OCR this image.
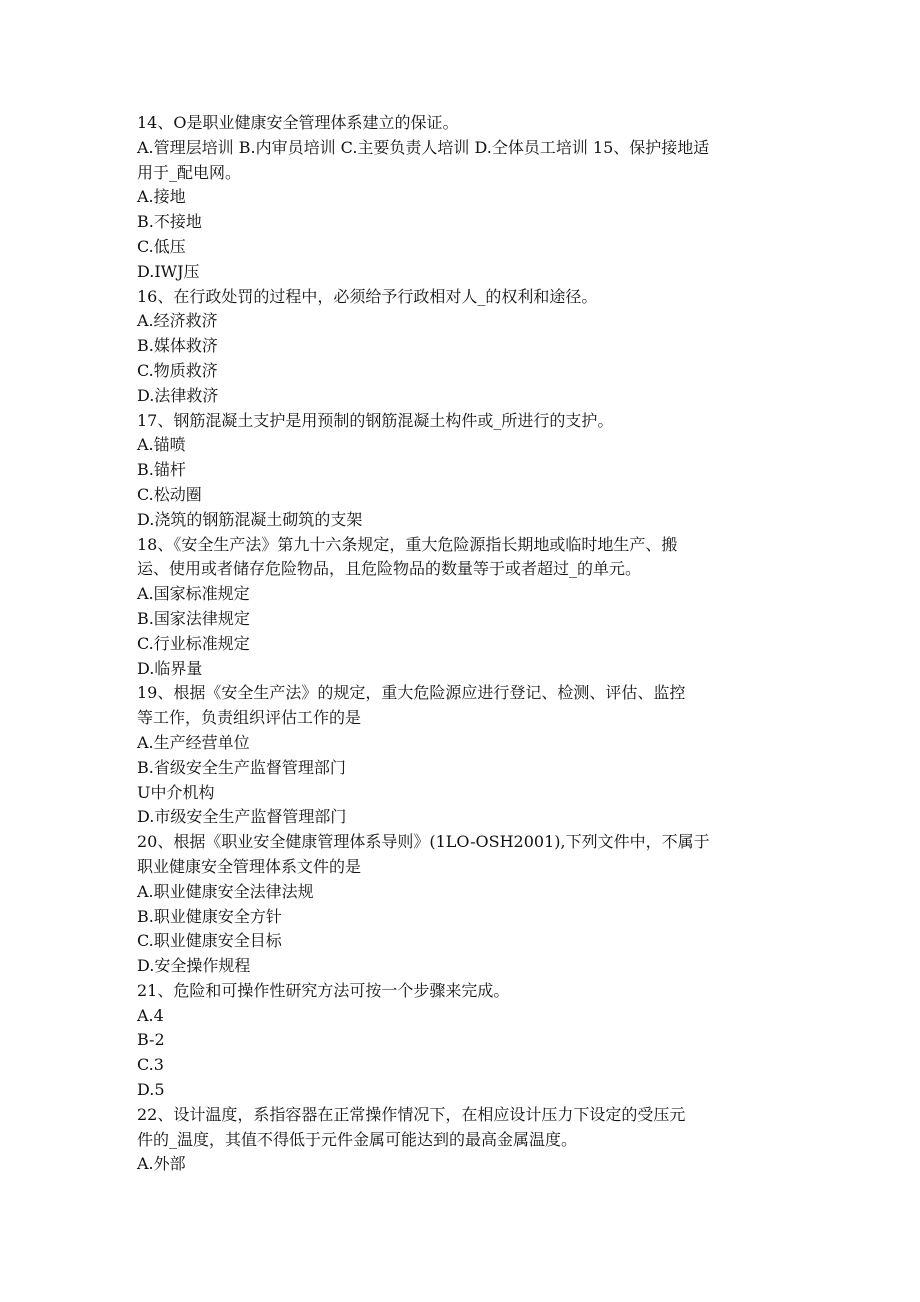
14、O是职业健康安全管理体系建立的保证。
A.管理层培训 B.内审员培训 C.主要负责人培训 D.仝体员工培训 15、保护接地适
用于_配电网。
A.接地
B.不接地
C.低压
D.IWJ压
16、在行政处罚的过程中，必须给予行政相对人_的权利和途径。
A.经济救济
B.媒体救济
C.物质救济
D.法律救济
17、钢筋混凝土支护是用预制的钢筋混凝土构件或_所进行的支护。
A.锚喷
B.锚杆
C.松动圈
D.浇筑的钢筋混凝土砌筑的支架
18、《安全生产法》第九十六条规定，重大危险源指长期地或临时地生产、搬
运、使用或者储存危险物品，且危险物品的数量等于或者超过_的单元。
A.国家标准规定
B.国家法律规定
C.行业标准规定
D.临界量
19、根据《安全生产法》的规定，重大危险源应进行登记、检测、评估、监控
等工作，负责组织评估工作的是
A.生产经营单位
B.省级安全生产监督管理部门
U中介机构
D.市级安全生产监督管理部门
20、根据《职业安全健康管理体系导则》(1LO-OSH2001),下列文件中，不属于
职业健康安全管理体系文件的是
A.职业健康安全法律法规
B.职业健康安全方针
C.职业健康安全目标
D.安全操作规程
21、危险和可操作性研究方法可按一个步骤来完成。
A.4
B-2
C.3
D.5
22、设计温度，系指容器在正常操作情况下，在相应设计压力下设定的受压元
件的_温度，其值不得低于元件金属可能达到的最高金属温度。
A.外部
